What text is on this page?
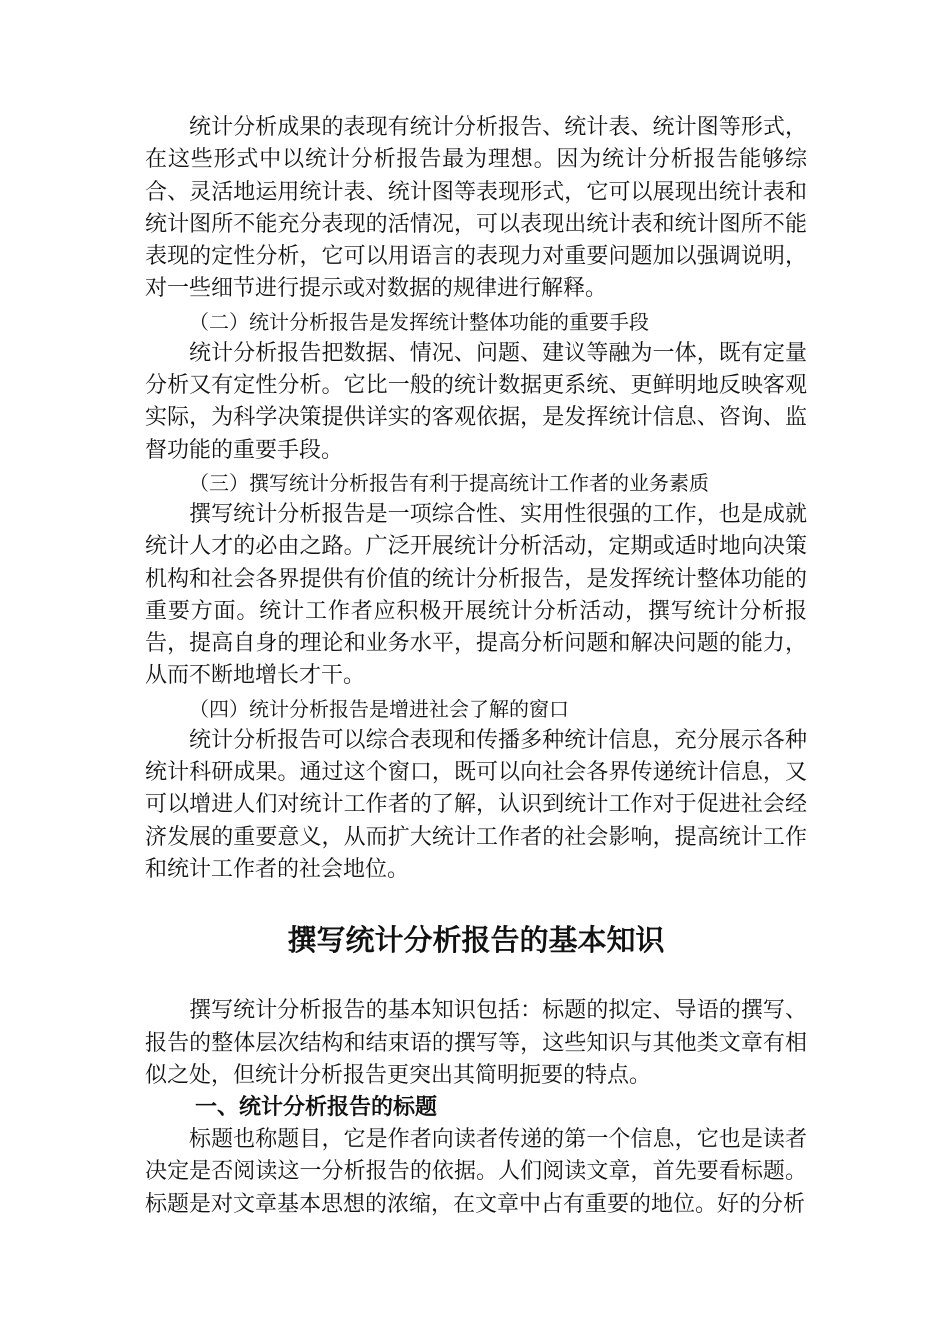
统计分析成果的表现有统计分析报告、统计表、统计图等形式，在这些形式中以统计分析报告最为理想。因为统计分析报告能够综合、灵活地运用统计表、统计图等表现形式，它可以展现出统计表和统计图所不能充分表现的活情况，可以表现出统计表和统计图所不能表现的定性分析，它可以用语言的表现力对重要问题加以强调说明，对一些细节进行提示或对数据的规律进行解释。

（二）统计分析报告是发挥统计整体功能的重要手段

统计分析报告把数据、情况、问题、建议等融为一体，既有定量分析又有定性分析。它比一般的统计数据更系统、更鲜明地反映客观实际，为科学决策提供详实的客观依据，是发挥统计信息、咨询、监督功能的重要手段。

（三）撰写统计分析报告有利于提高统计工作者的业务素质

撰写统计分析报告是一项综合性、实用性很强的工作，也是成就统计人才的必由之路。广泛开展统计分析活动，定期或适时地向决策机构和社会各界提供有价值的统计分析报告，是发挥统计整体功能的重要方面。统计工作者应积极开展统计分析活动，撰写统计分析报告，提高自身的理论和业务水平，提高分析问题和解决问题的能力，从而不断地增长才干。

（四）统计分析报告是增进社会了解的窗口

统计分析报告可以综合表现和传播多种统计信息，充分展示各种统计科研成果。通过这个窗口，既可以向社会各界传递统计信息，又可以增进人们对统计工作者的了解，认识到统计工作对于促进社会经济发展的重要意义，从而扩大统计工作者的社会影响，提高统计工作和统计工作者的社会地位。

撰写统计分析报告的基本知识

撰写统计分析报告的基本知识包括：标题的拟定、导语的撰写、报告的整体层次结构和结束语的撰写等，这些知识与其他类文章有相似之处，但统计分析报告更突出其简明扼要的特点。

一、统计分析报告的标题

标题也称题目，它是作者向读者传递的第一个信息，它也是读者决定是否阅读这一分析报告的依据。人们阅读文章，首先要看标题。标题是对文章基本思想的浓缩，在文章中占有重要的地位。好的分析
